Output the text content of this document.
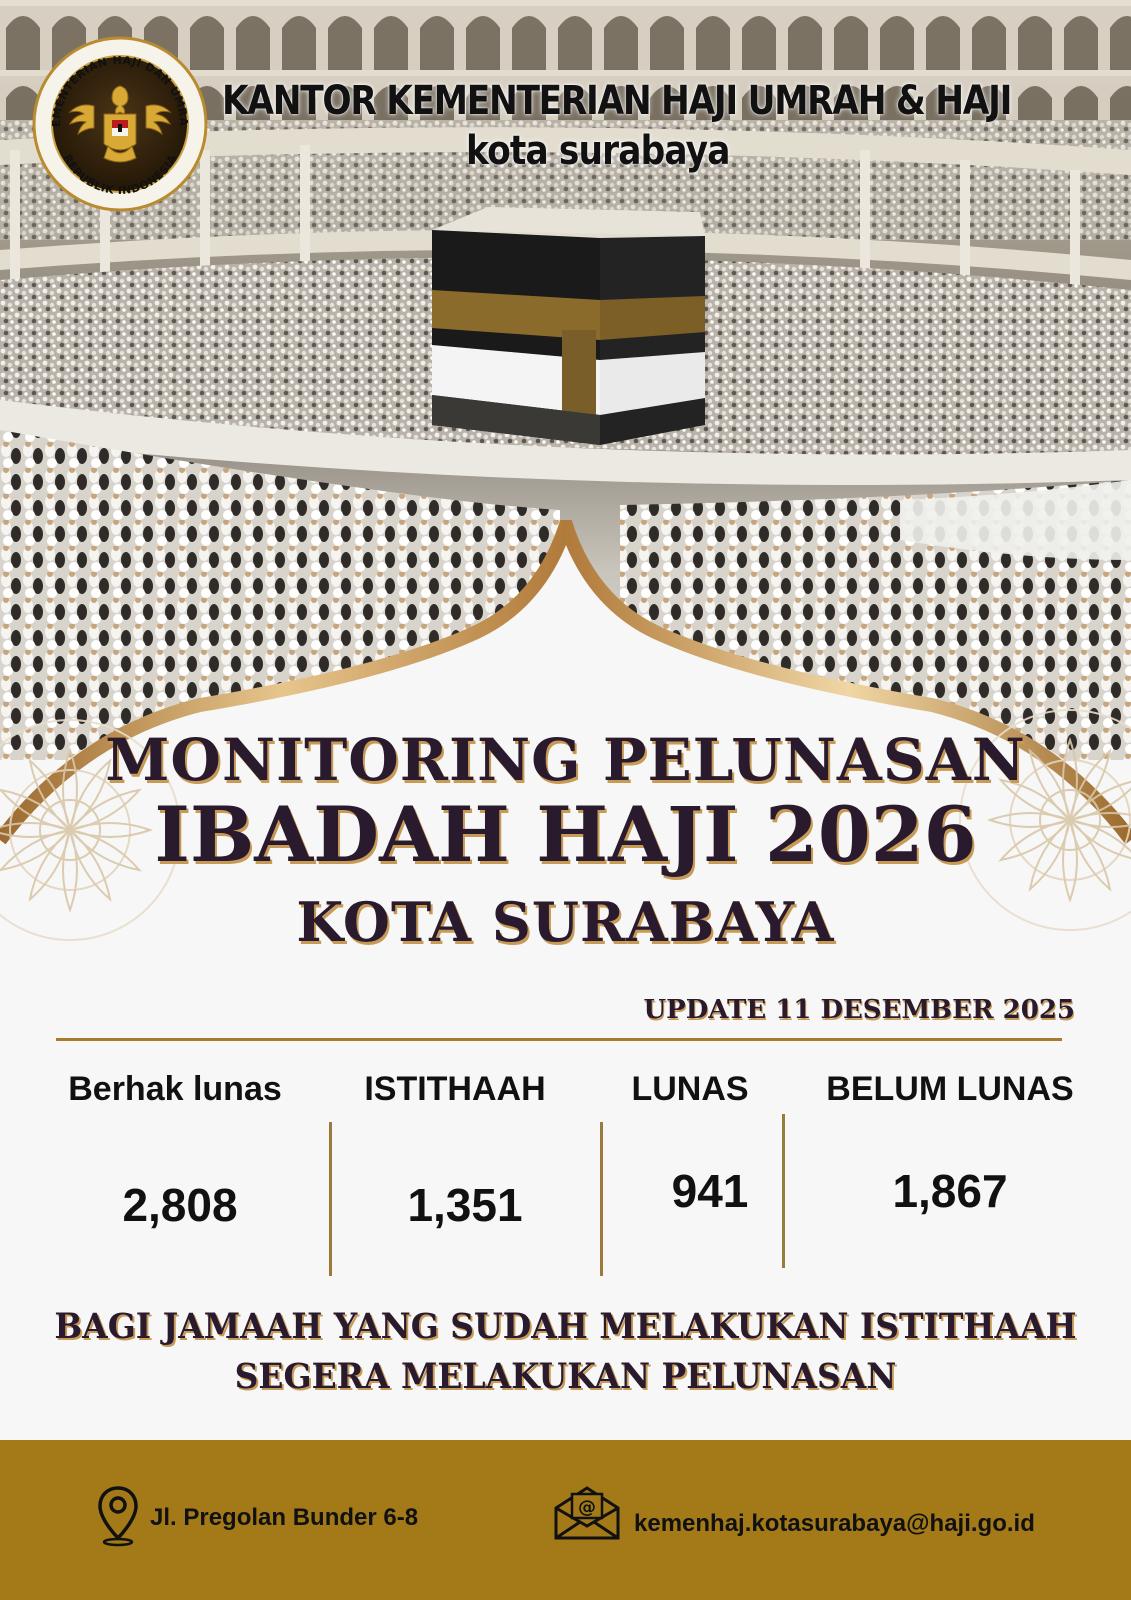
EMENTERIAN HAJI DAN UMRA
REPUBLIK INDONESIA
KANTOR KEMENTERIAN HAJI UMRAH & HAJI
kota surabaya
MONITORING PELUNASAN
IBADAH HAJI 2026
KOTA SURABAYA
UPDATE 11 DESEMBER 2025
Berhak lunas	ISTITHAAH	LUNAS	BELUM LUNAS
2,808	1,351	941	1,867
BAGI JAMAAH YANG SUDAH MELAKUKAN ISTITHAAH
SEGERA MELAKUKAN PELUNASAN
Jl. Pregolan Bunder 6-8	@
kemenhaj.kotasurabaya@haji.go.id
